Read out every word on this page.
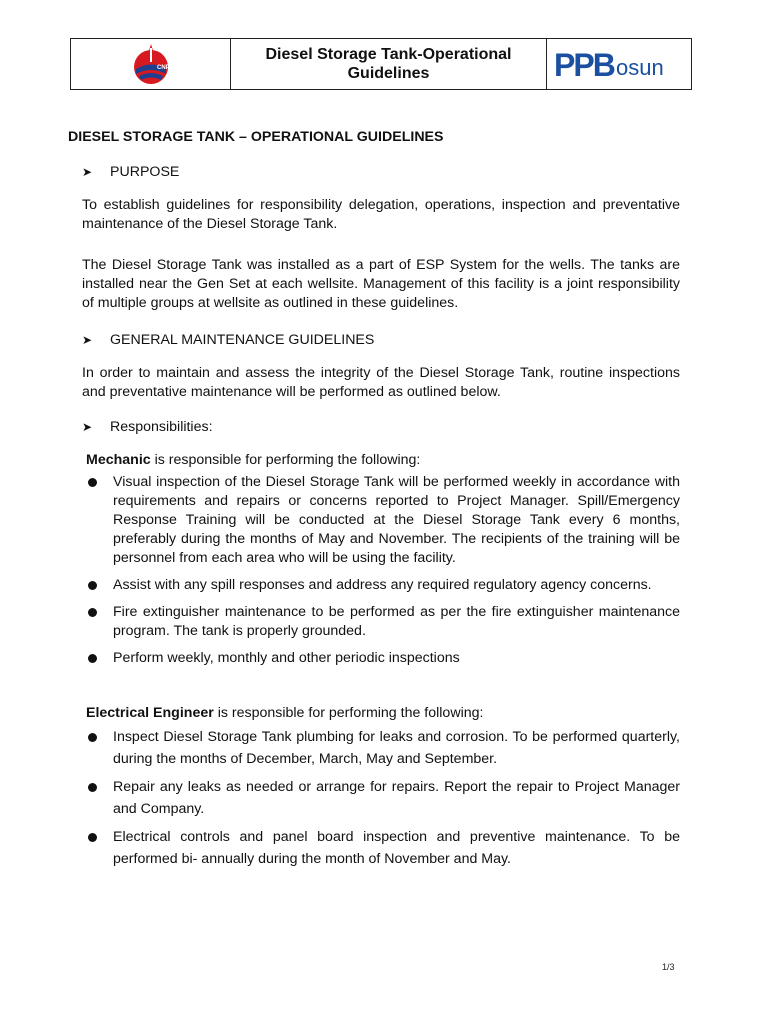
CNPC
Diesel Storage Tank-Operational
Guidelines	PPB osun
DIESEL STORAGE TANK – OPERATIONAL GUIDELINES
➤	PURPOSE

To establish guidelines for responsibility delegation, operations, inspection and preventative maintenance of the Diesel Storage Tank.

The Diesel Storage Tank was installed as a part of ESP System for the wells. The tanks are installed near the Gen Set at each wellsite. Management of this facility is a joint responsibility of multiple groups at wellsite as outlined in these guidelines.

➤	GENERAL MAINTENANCE GUIDELINES

In order to maintain and assess the integrity of the Diesel Storage Tank, routine inspections and preventative maintenance will be performed as outlined below.

➤	Responsibilities:
Mechanic is responsible for performing the following:
Visual inspection of the Diesel Storage Tank will be performed weekly in accordance with requirements and repairs or concerns reported to Project Manager. Spill/Emergency Response Training will be conducted at the Diesel Storage Tank every 6 months, preferably during the months of May and November. The recipients of the training will be personnel from each area who will be using the facility.
Assist with any spill responses and address any required regulatory agency concerns.
Fire extinguisher maintenance to be performed as per the fire extinguisher maintenance program. The tank is properly grounded.
Perform weekly, monthly and other periodic inspections
Electrical Engineer is responsible for performing the following:
Inspect Diesel Storage Tank plumbing for leaks and corrosion. To be performed quarterly, during the months of December, March, May and September.
Repair any leaks as needed or arrange for repairs. Report the repair to Project Manager and Company.
Electrical controls and panel board inspection and preventive maintenance. To be performed bi- annually during the month of November and May.
1/3
